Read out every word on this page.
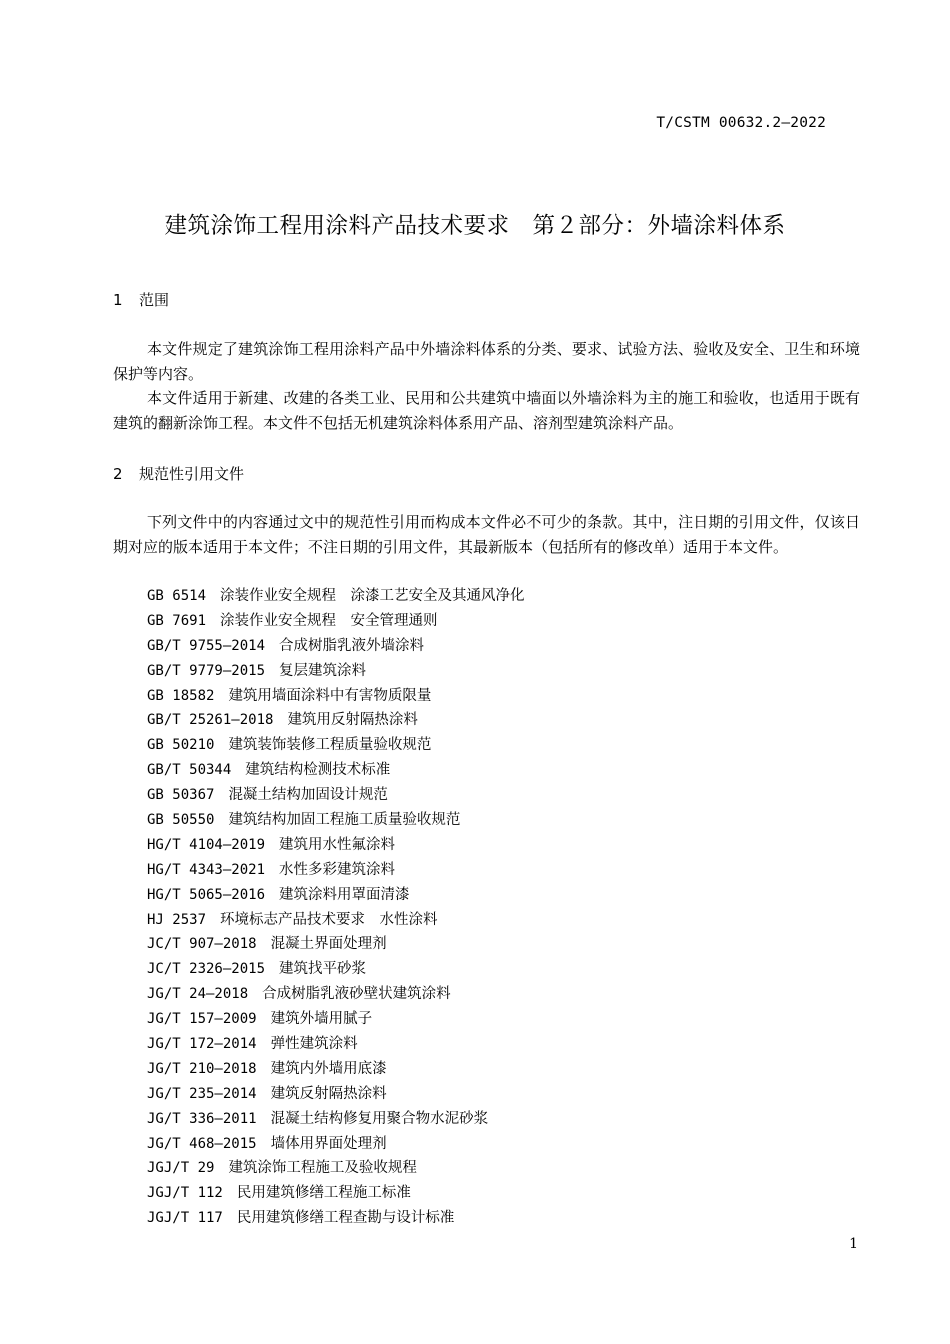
T/CSTM 00632.2—2022
建筑涂饰工程用涂料产品技术要求　第２部分：外墙涂料体系
1 范围

本文件规定了建筑涂饰工程用涂料产品中外墙涂料体系的分类、要求、试验方法、验收及安全、卫生和环境保护等内容。

本文件适用于新建、改建的各类工业、民用和公共建筑中墙面以外墙涂料为主的施工和验收，也适用于既有建筑的翻新涂饰工程。本文件不包括无机建筑涂料体系用产品、溶剂型建筑涂料产品。

2 规范性引用文件

下列文件中的内容通过文中的规范性引用而构成本文件必不可少的条款。其中，注日期的引用文件，仅该日期对应的版本适用于本文件；不注日期的引用文件，其最新版本（包括所有的修改单）适用于本文件。

GB 6514 涂装作业安全规程　涂漆工艺安全及其通风净化
GB 7691 涂装作业安全规程　安全管理通则
GB/T 9755—2014 合成树脂乳液外墙涂料
GB/T 9779—2015 复层建筑涂料
GB 18582 建筑用墙面涂料中有害物质限量
GB/T 25261—2018 建筑用反射隔热涂料
GB 50210 建筑装饰装修工程质量验收规范
GB/T 50344 建筑结构检测技术标准
GB 50367 混凝土结构加固设计规范
GB 50550 建筑结构加固工程施工质量验收规范
HG/T 4104—2019 建筑用水性氟涂料
HG/T 4343—2021 水性多彩建筑涂料
HG/T 5065—2016 建筑涂料用罩面清漆
HJ 2537 环境标志产品技术要求　水性涂料
JC/T 907—2018 混凝土界面处理剂
JC/T 2326—2015 建筑找平砂浆
JG/T 24—2018 合成树脂乳液砂壁状建筑涂料
JG/T 157—2009 建筑外墙用腻子
JG/T 172—2014 弹性建筑涂料
JG/T 210—2018 建筑内外墙用底漆
JG/T 235—2014 建筑反射隔热涂料
JG/T 336—2011 混凝土结构修复用聚合物水泥砂浆
JG/T 468—2015 墙体用界面处理剂
JGJ/T 29 建筑涂饰工程施工及验收规程
JGJ/T 112 民用建筑修缮工程施工标准
JGJ/T 117 民用建筑修缮工程查勘与设计标准
1
